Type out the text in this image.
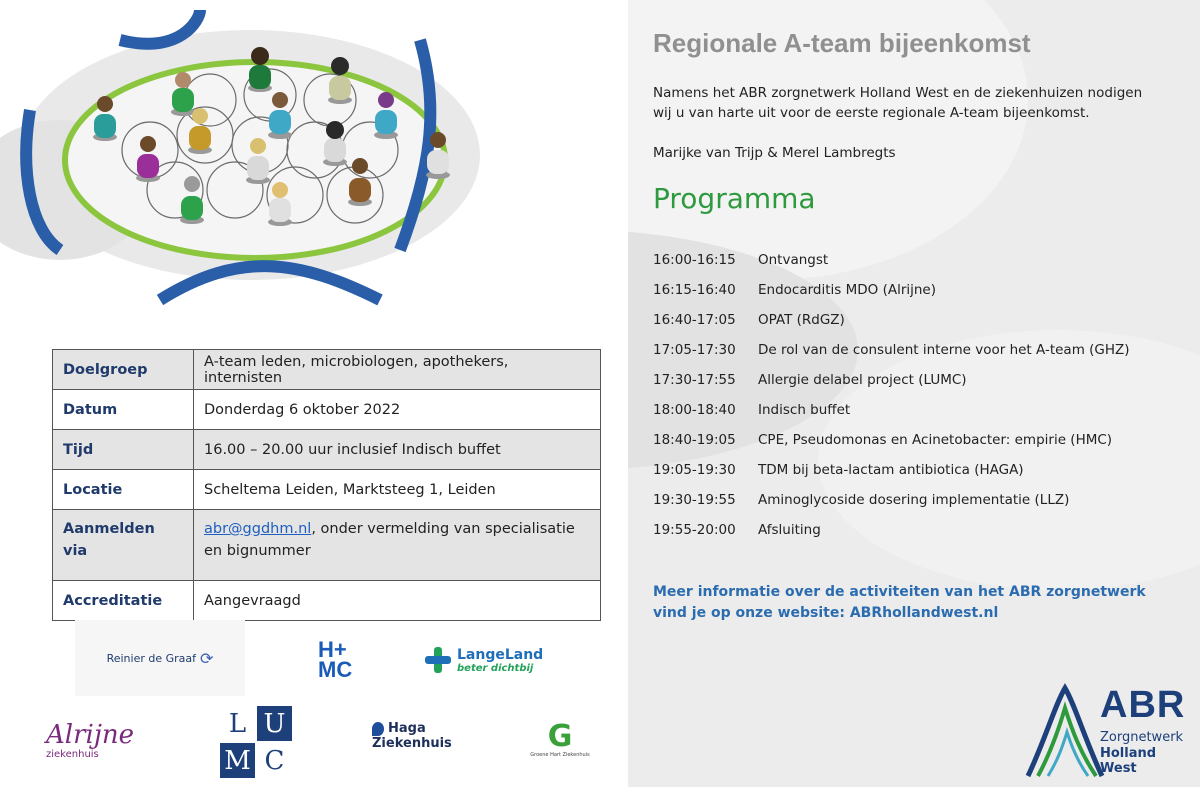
Doelgroep	A-team leden, microbiologen, apothekers, internisten
Datum	Donderdag 6 oktober 2022
Tijd	16.00 – 20.00 uur inclusief Indisch buffet
Locatie	Scheltema Leiden, Marktsteeg 1, Leiden
Aanmelden via	abr@ggdhm.nl, onder vermelding van specialisatie en bignummer
Accreditatie	Aangevraagd
Reinier de Graaf ⟳	H+
MC
LangeLand
beter dichtbij
Alrijne
ziekenhuis
L U
M C
Haga
Ziekenhuis	G
Groene Hart Ziekenhuis
Regionale A-team bijeenkomst

Namens het ABR zorgnetwerk Holland West en de ziekenhuizen nodigen wij u van harte uit voor de eerste regionale A-team bijeenkomst.

Marijke van Trijp & Merel Lambregts

Programma
16:00-16:15	Ontvangst
16:15-16:40	Endocarditis MDO (Alrijne)
16:40-17:05	OPAT (RdGZ)
17:05-17:30	De rol van de consulent interne voor het A-team (GHZ)
17:30-17:55	Allergie delabel project (LUMC)
18:00-18:40	Indisch buffet
18:40-19:05	CPE, Pseudomonas en Acinetobacter: empirie (HMC)
19:05-19:30	TDM bij beta-lactam antibiotica (HAGA)
19:30-19:55	Aminoglycoside dosering implementatie (LLZ)
19:55-20:00	Afsluiting

Meer informatie over de activiteiten van het ABR zorgnetwerk
vind je op onze website: ABRhollandwest.nl

ABR
Zorgnetwerk
Holland West
